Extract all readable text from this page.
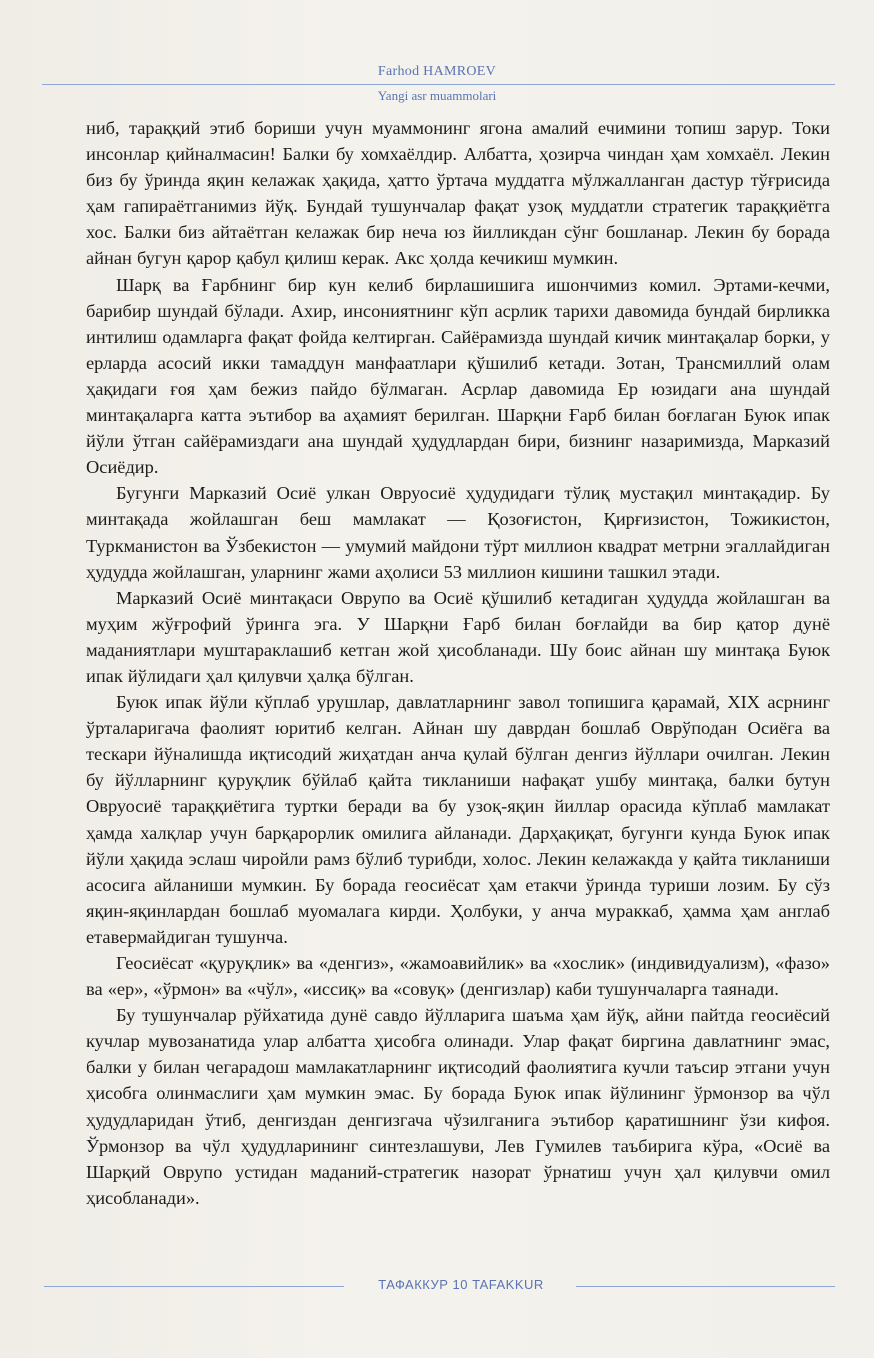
Farhod HAMROEV
Yangi asr muammolari

ниб, тараққий этиб бориши учун муаммонинг ягона амалий ечимини топиш зарур. Токи инсонлар қийналмасин! Балки бу хомхаёлдир. Албатта, ҳозирча чиндан ҳам хомхаёл. Лекин биз бу ўринда яқин келажак ҳақида, ҳатто ўртача муддатга мўлжалланган дастур тўғрисида ҳам гапираётганимиз йўқ. Бундай тушунчалар фақат узоқ муддатли стратегик тараққиётга хос. Балки биз айтаётган келажак бир неча юз йилликдан сўнг бошланар. Лекин бу борада айнан бугун қарор қабул қилиш керак. Акс ҳолда кечикиш мумкин.

Шарқ ва Ғарбнинг бир кун келиб бирлашишига ишончимиз комил. Эртами-кечми, барибир шундай бўлади. Ахир, инсониятнинг кўп асрлик тарихи давомида бундай бирликка интилиш одамларга фақат фойда келтирган. Сайёрамизда шундай кичик минтақалар борки, у ерларда асосий икки тамаддун манфаатлари қўшилиб кетади. Зотан, Трансмиллий олам ҳақидаги ғоя ҳам бежиз пайдо бўлмаган. Асрлар давомида Ер юзидаги ана шундай минтақаларга катта эътибор ва аҳамият берилган. Шарқни Ғарб билан боғлаган Буюк ипак йўли ўтган сайёрамиздаги ана шундай ҳудудлардан бири, бизнинг назаримизда, Марказий Осиёдир.

Бугунги Марказий Осиё улкан Овруосиё ҳудудидаги тўлиқ мустақил минтақадир. Бу минтақада жойлашган беш мамлакат — Қозоғистон, Қирғизистон, Тожикистон, Туркманистон ва Ўзбекистон — умумий майдони тўрт миллион квадрат метрни эгаллайдиган ҳудудда жойлашган, уларнинг жами аҳолиси 53 миллион кишини ташкил этади.

Марказий Осиё минтақаси Оврупо ва Осиё қўшилиб кетадиган ҳудудда жойлашган ва муҳим жўғрофий ўринга эга. У Шарқни Ғарб билан боғлайди ва бир қатор дунё маданиятлари муштараклашиб кетган жой ҳисобланади. Шу боис айнан шу минтақа Буюк ипак йўлидаги ҳал қилувчи ҳалқа бўлган.

Буюк ипак йўли кўплаб урушлар, давлатларнинг завол топишига қарамай, XIX асрнинг ўрталаригача фаолият юритиб келган. Айнан шу даврдан бошлаб Оврўподан Осиёга ва тескари йўналишда иқтисодий жиҳатдан анча қулай бўлган денгиз йўллари очилган. Лекин бу йўлларнинг қуруқлик бўйлаб қайта тикланиши нафақат ушбу минтақа, балки бутун Овруосиё тараққиётига туртки беради ва бу узоқ-яқин йиллар орасида кўплаб мамлакат ҳамда халқлар учун барқарорлик омилига айланади. Дарҳақиқат, бугунги кунда Буюк ипак йўли ҳақида эслаш чиройли рамз бўлиб турибди, холос. Лекин келажакда у қайта тикланиши асосига айланиши мумкин. Бу борада геосиёсат ҳам етакчи ўринда туриши лозим. Бу сўз яқин-яқинлардан бошлаб муомалага кирди. Ҳолбуки, у анча мураккаб, ҳамма ҳам англаб етавермайдиган тушунча.

Геосиёсат «қуруқлик» ва «денгиз», «жамоавийлик» ва «хослик» (индивидуализм), «фазо» ва «ер», «ўрмон» ва «чўл», «иссиқ» ва «совуқ» (денгизлар) каби тушунчаларга таянади.

Бу тушунчалар рўйхатида дунё савдо йўлларига шаъма ҳам йўқ, айни пайтда геосиёсий кучлар мувозанатида улар албатта ҳисобга олинади. Улар фақат биргина давлатнинг эмас, балки у билан чегарадош мамлакатларнинг иқтисодий фаолиятига кучли таъсир этгани учун ҳисобга олинмаслиги ҳам мумкин эмас. Бу борада Буюк ипак йўлининг ўрмонзор ва чўл ҳудудларидан ўтиб, денгиздан денгизгача чўзилганига эътибор қаратишнинг ўзи кифоя. Ўрмонзор ва чўл ҳудудларининг синтезлашуви, Лев Гумилев таъбирига кўра, «Осиё ва Шарқий Оврупо устидан маданий-стратегик назорат ўрнатиш учун ҳал қилувчи омил ҳисобланади».

ТАФАККУР 10 TAFAKKUR
